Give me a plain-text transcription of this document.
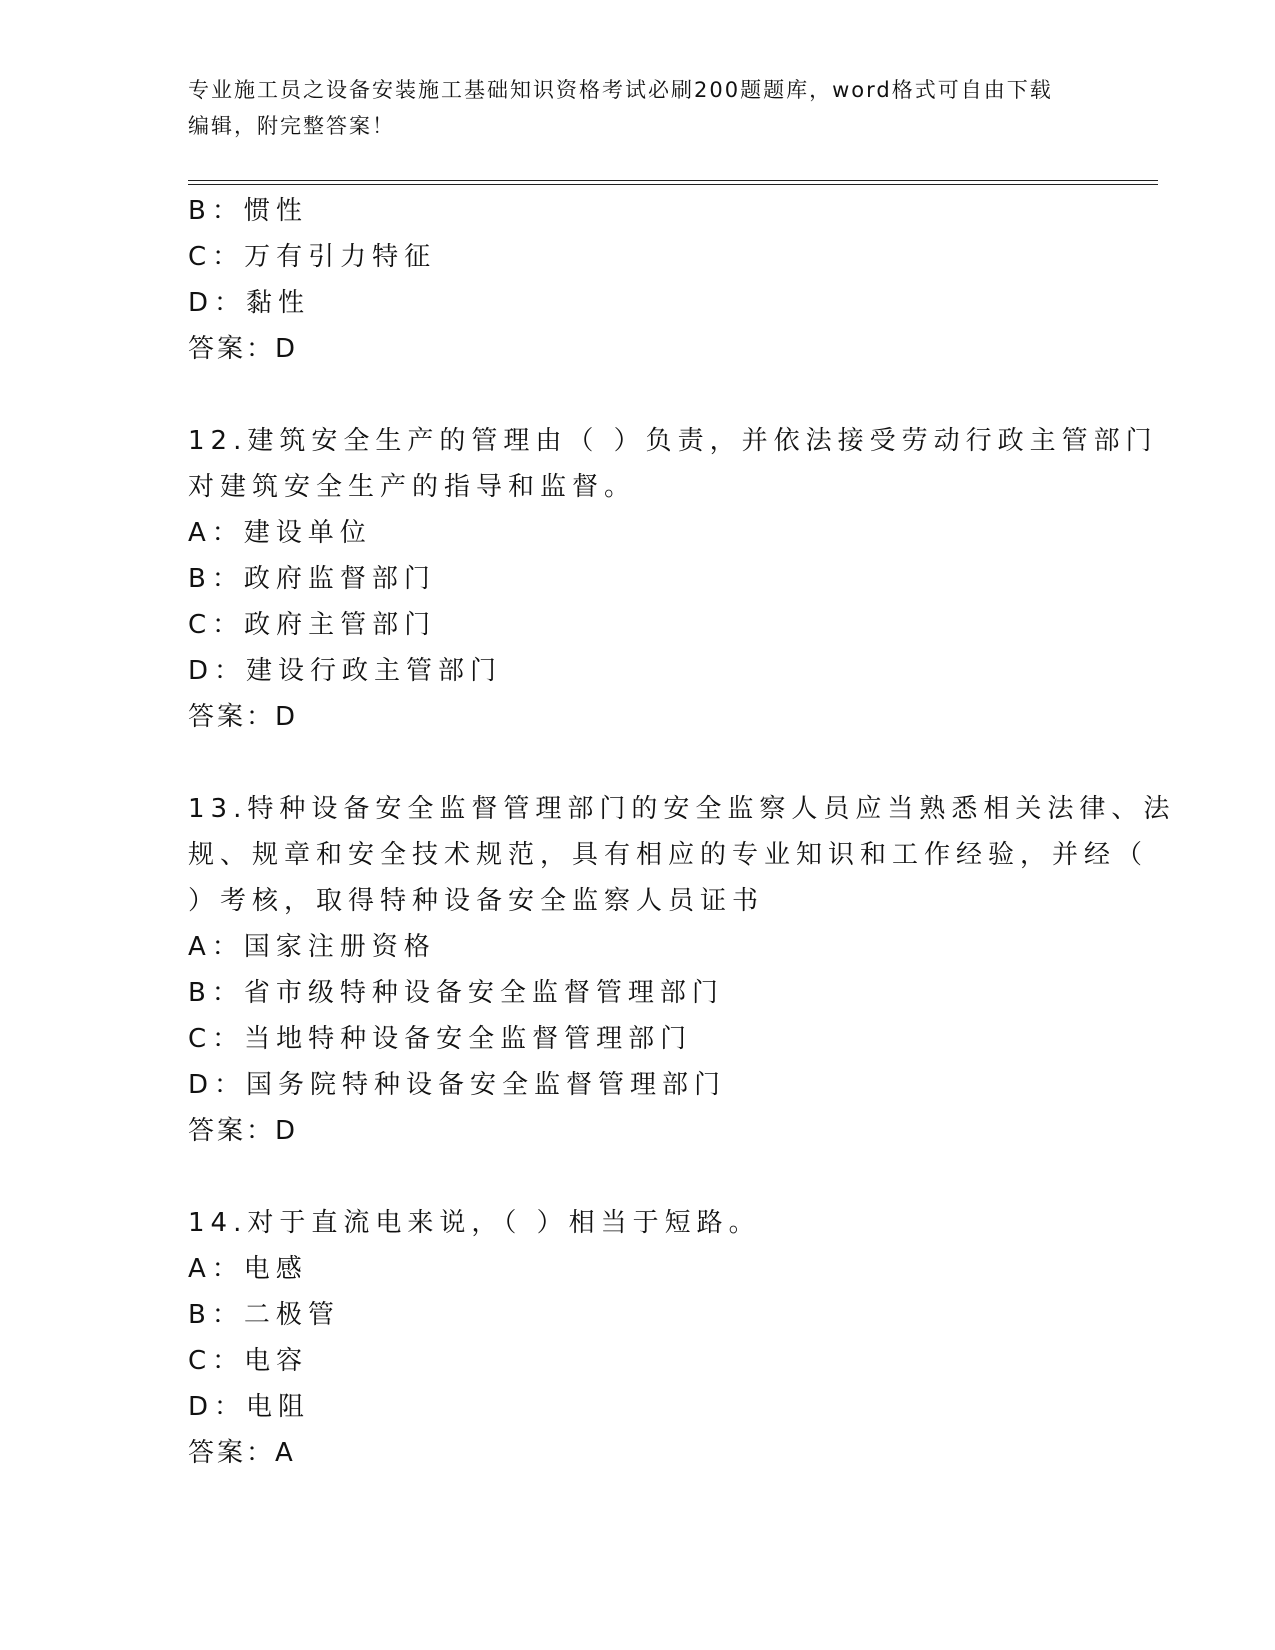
专业施工员之设备安装施工基础知识资格考试必刷200题题库，word格式可自由下载编辑，附完整答案！
B：惯性
C：万有引力特征
D：黏性
答案：D
12.建筑安全生产的管理由（ ）负责，并依法接受劳动行政主管部门
对建筑安全生产的指导和监督。
A：建设单位
B：政府监督部门
C：政府主管部门
D：建设行政主管部门
答案：D
13.特种设备安全监督管理部门的安全监察人员应当熟悉相关法律、法
规、规章和安全技术规范，具有相应的专业知识和工作经验，并经（
）考核，取得特种设备安全监察人员证书
A：国家注册资格
B：省市级特种设备安全监督管理部门
C：当地特种设备安全监督管理部门
D：国务院特种设备安全监督管理部门
答案：D
14.对于直流电来说，（ ）相当于短路。
A：电感
B：二极管
C：电容
D：电阻
答案：A
